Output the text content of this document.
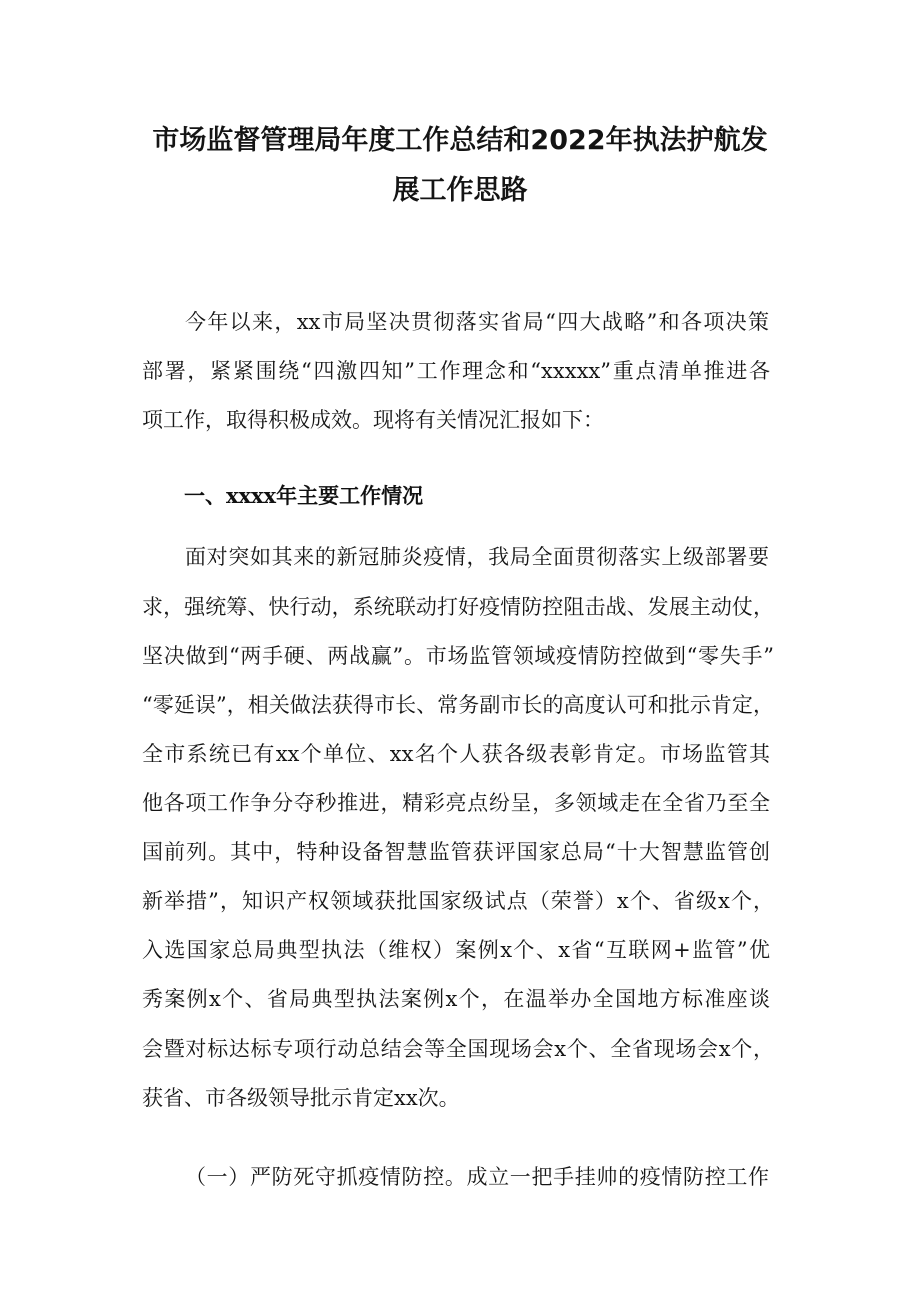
市场监督管理局年度工作总结和2022年执法护航发
展工作思路
今年以来，xx市局坚决贯彻落实省局“四大战略”和各项决策
部署，紧紧围绕“四激四知”工作理念和“xxxxx”重点清单推进各
项工作，取得积极成效。现将有关情况汇报如下：
一、xxxx年主要工作情况
面对突如其来的新冠肺炎疫情，我局全面贯彻落实上级部署要
求，强统筹、快行动，系统联动打好疫情防控阻击战、发展主动仗，
坚决做到“两手硬、两战赢”。市场监管领域疫情防控做到“零失手”
“零延误”，相关做法获得市长、常务副市长的高度认可和批示肯定，
全市系统已有xx个单位、xx名个人获各级表彰肯定。市场监管其
他各项工作争分夺秒推进，精彩亮点纷呈，多领域走在全省乃至全
国前列。其中，特种设备智慧监管获评国家总局“十大智慧监管创
新举措”，知识产权领域获批国家级试点（荣誉）x个、省级x个，
入选国家总局典型执法（维权）案例x个、x省“互联网+监管”优
秀案例x个、省局典型执法案例x个，在温举办全国地方标准座谈
会暨对标达标专项行动总结会等全国现场会x个、全省现场会x个，
获省、市各级领导批示肯定xx次。
（一）严防死守抓疫情防控。成立一把手挂帅的疫情防控工作
